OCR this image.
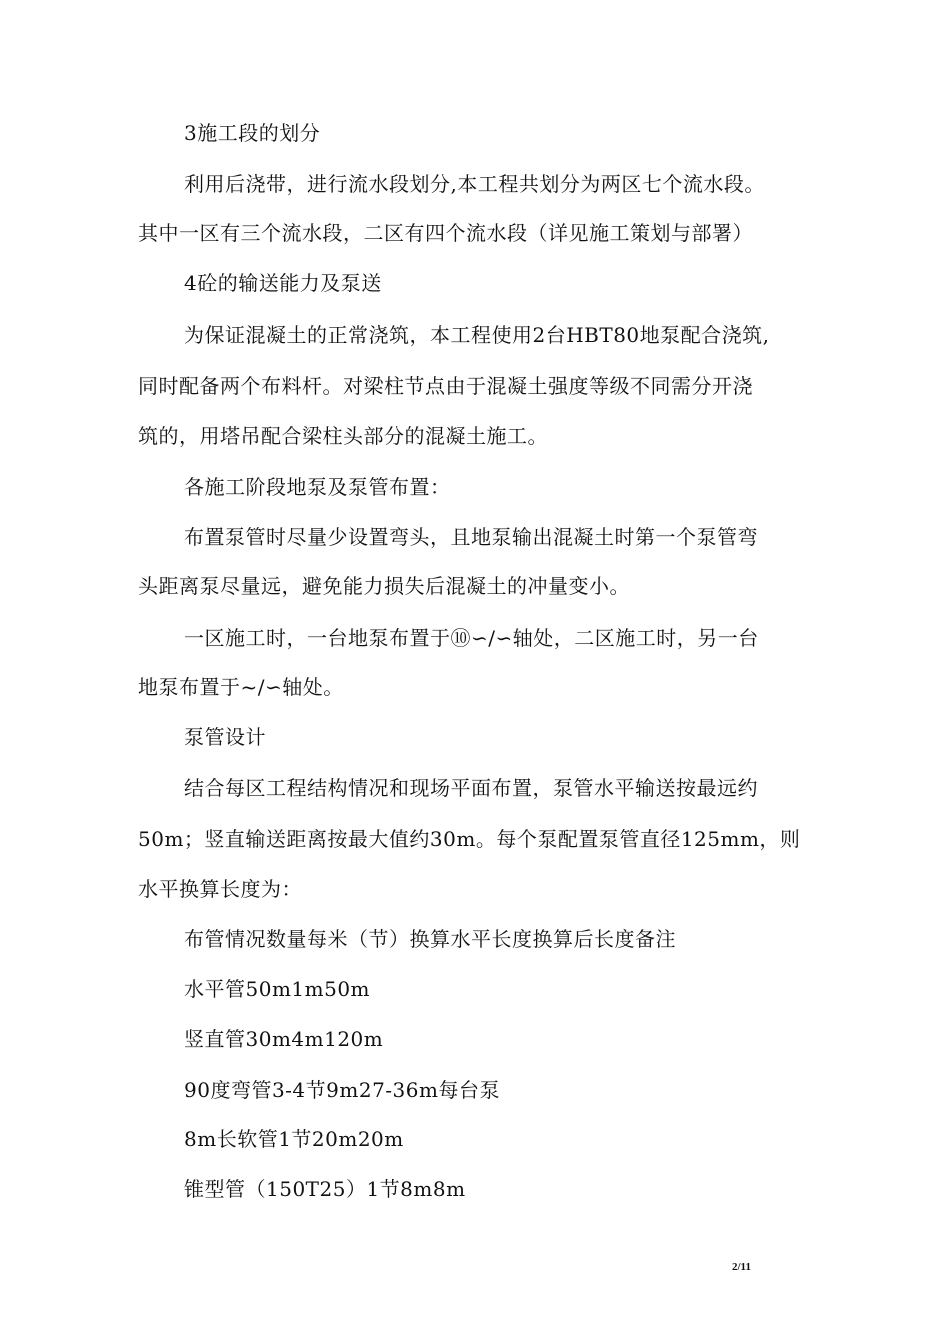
3施工段的划分
利用后浇带，进行流水段划分,本工程共划分为两区七个流水段。
其中一区有三个流水段，二区有四个流水段（详见施工策划与部署）
4砼的输送能力及泵送
为保证混凝土的正常浇筑，本工程使用2台HBT80地泵配合浇筑,
同时配备两个布料杆。对梁柱节点由于混凝土强度等级不同需分开浇
筑的，用塔吊配合梁柱头部分的混凝土施工。
各施工阶段地泵及泵管布置：
布置泵管时尽量少设置弯头，且地泵输出混凝土时第一个泵管弯
头距离泵尽量远，避免能力损失后混凝土的冲量变小。
一区施工时，一台地泵布置于⑩∽/∽轴处，二区施工时，另一台
地泵布置于~/∽轴处。
泵管设计
结合每区工程结构情况和现场平面布置，泵管水平输送按最远约
50m；竖直输送距离按最大值约30m。每个泵配置泵管直径125mm，则
水平换算长度为：
布管情况数量每米（节）换算水平长度换算后长度备注
水平管50m1m50m
竖直管30m4m120m
90度弯管3-4节9m27-36m每台泵
8m长软管1节20m20m
锥型管（150T25）1节8m8m
2/11
